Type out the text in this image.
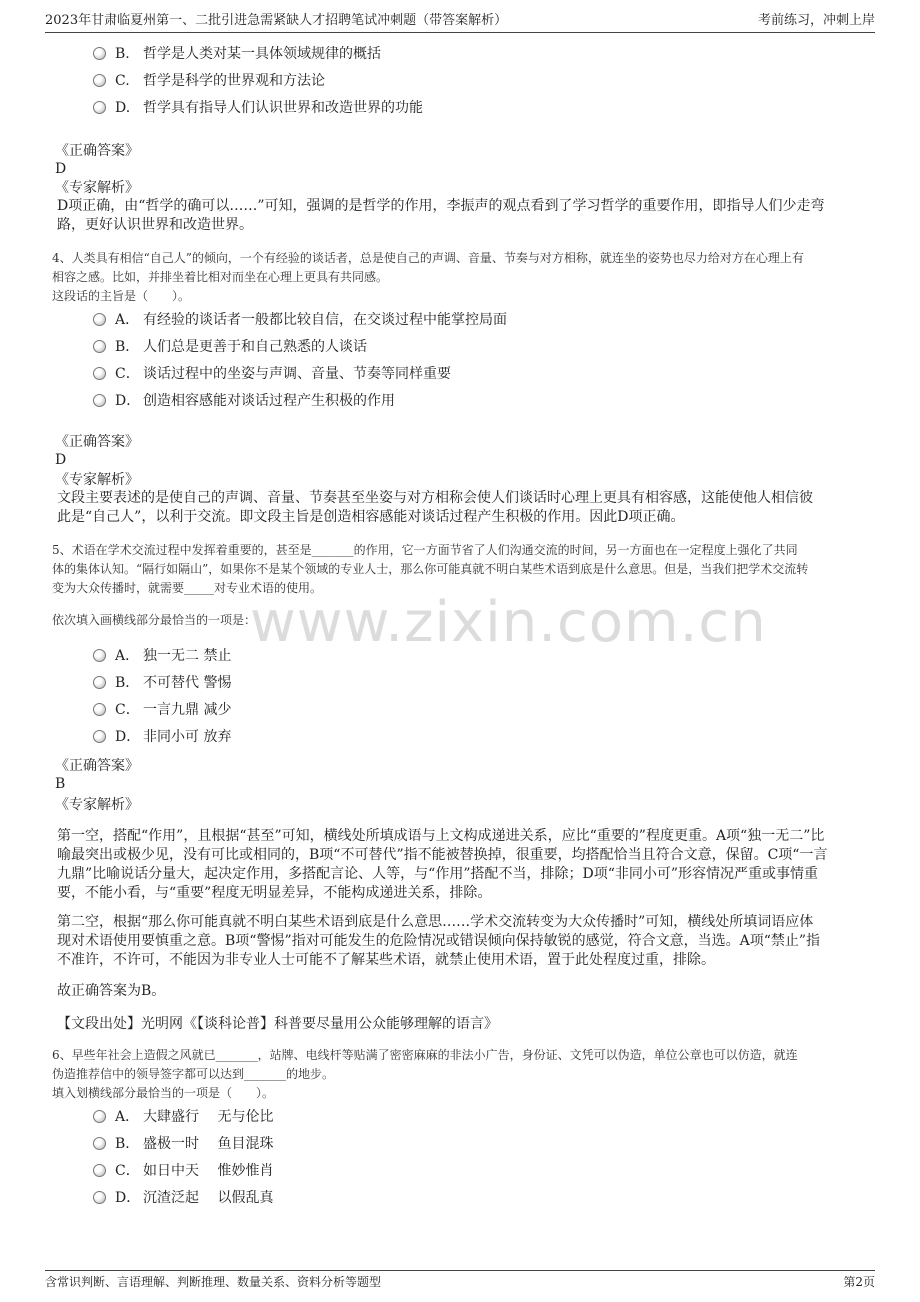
2023年甘肃临夏州第一、二批引进急需紧缺人才招聘笔试冲刺题（带答案解析）	考前练习，冲刺上岸
www.zixin.com.cn
B. 哲学是人类对某一具体领域规律的概括
C. 哲学是科学的世界观和方法论
D. 哲学具有指导人们认识世界和改造世界的功能
《正确答案》
D
《专家解析》
D项正确，由“哲学的确可以……”可知，强调的是哲学的作用，李振声的观点看到了学习哲学的重要作用，即指导人们少走弯
路，更好认识世界和改造世界。
4、人类具有相信“自己人”的倾向，一个有经验的谈话者，总是使自己的声调、音量、节奏与对方相称，就连坐的姿势也尽力给对方在心理上有
相容之感。比如，并排坐着比相对而坐在心理上更具有共同感。
这段话的主旨是（　　）。
A． 有经验的谈话者一般都比较自信，在交谈过程中能掌控局面
B． 人们总是更善于和自己熟悉的人谈话
C． 谈话过程中的坐姿与声调、音量、节奏等同样重要
D． 创造相容感能对谈话过程产生积极的作用
《正确答案》
D
《专家解析》
文段主要表述的是使自己的声调、音量、节奏甚至坐姿与对方相称会使人们谈话时心理上更具有相容感，这能使他人相信彼
此是“自己人”，以利于交流。即文段主旨是创造相容感能对谈话过程产生积极的作用。因此D项正确。
5、术语在学术交流过程中发挥着重要的，甚至是_______的作用，它一方面节省了人们沟通交流的时间，另一方面也在一定程度上强化了共同
体的集体认知。“隔行如隔山”，如果你不是某个领域的专业人士，那么你可能真就不明白某些术语到底是什么意思。但是，当我们把学术交流转
变为大众传播时，就需要_____对专业术语的使用。
依次填入画横线部分最恰当的一项是：
A． 独一无二 禁止
B． 不可替代 警惕
C． 一言九鼎 减少
D． 非同小可 放弃
《正确答案》
B
《专家解析》
第一空，搭配“作用”，且根据“甚至”可知，横线处所填成语与上文构成递进关系，应比“重要的”程度更重。A项“独一无二”比
喻最突出或极少见，没有可比或相同的，B项“不可替代”指不能被替换掉，很重要，均搭配恰当且符合文意，保留。C项“一言
九鼎”比喻说话分量大，起决定作用，多搭配言论、人等，与“作用”搭配不当，排除；D项“非同小可”形容情况严重或事情重
要，不能小看，与“重要”程度无明显差异，不能构成递进关系，排除。
第二空，根据“那么你可能真就不明白某些术语到底是什么意思……学术交流转变为大众传播时”可知，横线处所填词语应体
现对术语使用要慎重之意。B项“警惕”指对可能发生的危险情况或错误倾向保持敏锐的感觉，符合文意，当选。A项“禁止”指
不准许，不许可，不能因为非专业人士可能不了解某些术语，就禁止使用术语，置于此处程度过重，排除。
故正确答案为B。
【文段出处】光明网《【谈科论普】科普要尽量用公众能够理解的语言》
6、早些年社会上造假之风就已_______，站牌、电线杆等贴满了密密麻麻的非法小广告，身份证、文凭可以伪造，单位公章也可以仿造，就连
伪造推荐信中的领导签字都可以达到_______的地步。
填入划横线部分最恰当的一项是（　　）。
A． 大肆盛行　 无与伦比
B． 盛极一时　 鱼目混珠
C． 如日中天　 惟妙惟肖
D． 沉渣泛起　 以假乱真
含常识判断、言语理解、判断推理、数量关系、资料分析等题型	第2页
